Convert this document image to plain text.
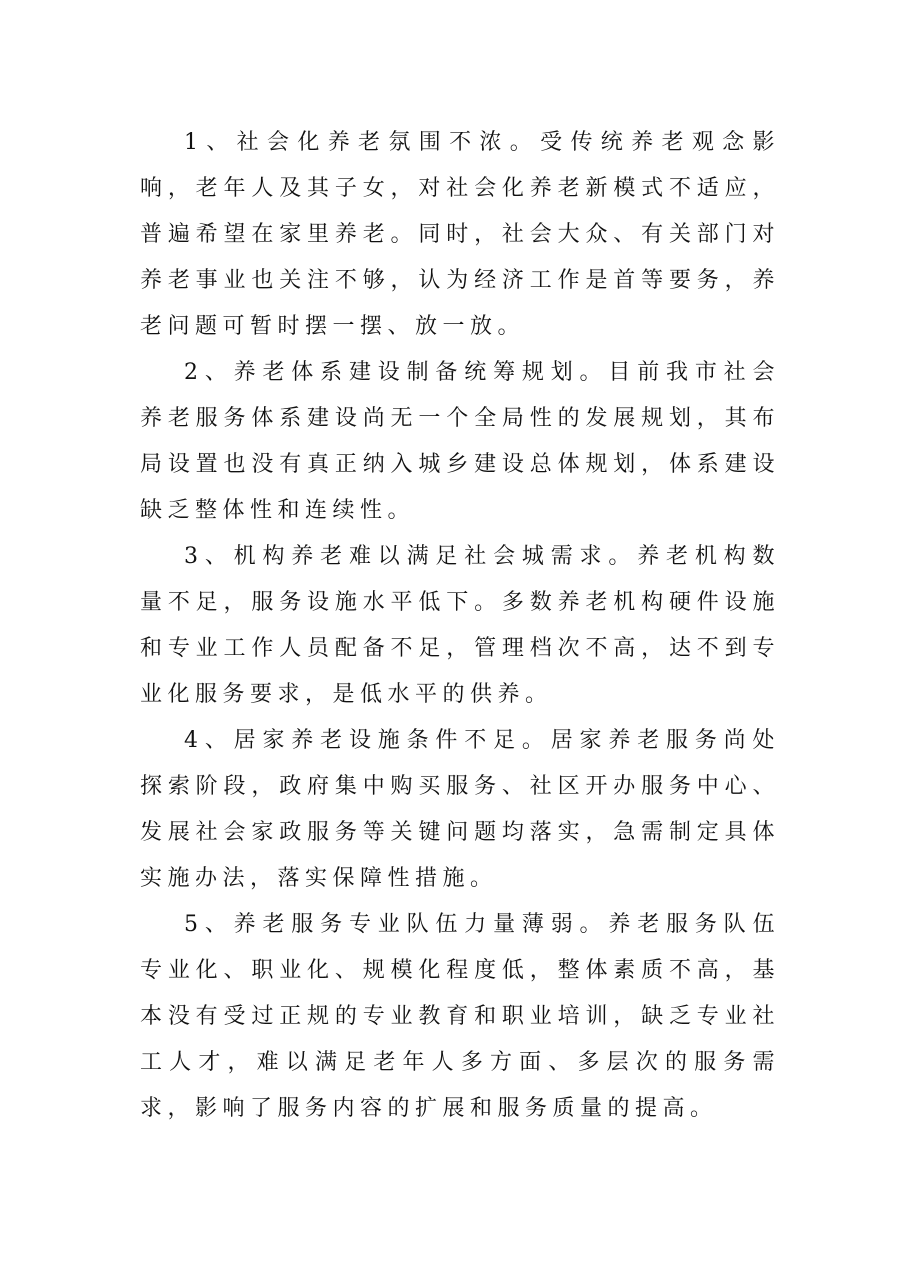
1、社会化养老氛围不浓。受传统养老观念影响，老年人及其子女，对社会化养老新模式不适应，普遍希望在家里养老。同时，社会大众、有关部门对养老事业也关注不够，认为经济工作是首等要务，养老问题可暂时摆一摆、放一放。

2、养老体系建设制备统筹规划。目前我市社会养老服务体系建设尚无一个全局性的发展规划，其布局设置也没有真正纳入城乡建设总体规划，体系建设缺乏整体性和连续性。

3、机构养老难以满足社会城需求。养老机构数量不足，服务设施水平低下。多数养老机构硬件设施和专业工作人员配备不足，管理档次不高，达不到专业化服务要求，是低水平的供养。

4、居家养老设施条件不足。居家养老服务尚处探索阶段，政府集中购买服务、社区开办服务中心、发展社会家政服务等关键问题均落实，急需制定具体实施办法，落实保障性措施。

5、养老服务专业队伍力量薄弱。养老服务队伍专业化、职业化、规模化程度低，整体素质不高，基本没有受过正规的专业教育和职业培训，缺乏专业社工人才，难以满足老年人多方面、多层次的服务需求，影响了服务内容的扩展和服务质量的提高。
